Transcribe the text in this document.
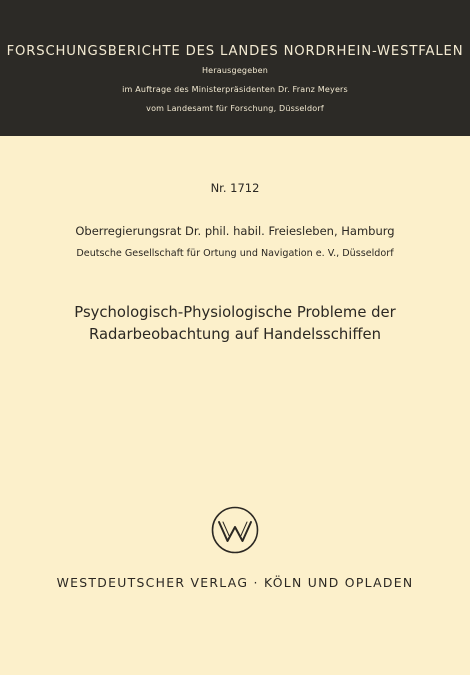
FORSCHUNGSBERICHTE DES LANDES NORDRHEIN-WESTFALEN
Herausgegeben
im Auftrage des Ministerpräsidenten Dr. Franz Meyers
vom Landesamt für Forschung, Düsseldorf
Nr. 1712
Oberregierungsrat Dr. phil. habil. Freiesleben, Hamburg
Deutsche Gesellschaft für Ortung und Navigation e. V., Düsseldorf
Psychologisch-Physiologische Probleme der
Radarbeobachtung auf Handelsschiffen
WESTDEUTSCHER VERLAG · KÖLN UND OPLADEN
